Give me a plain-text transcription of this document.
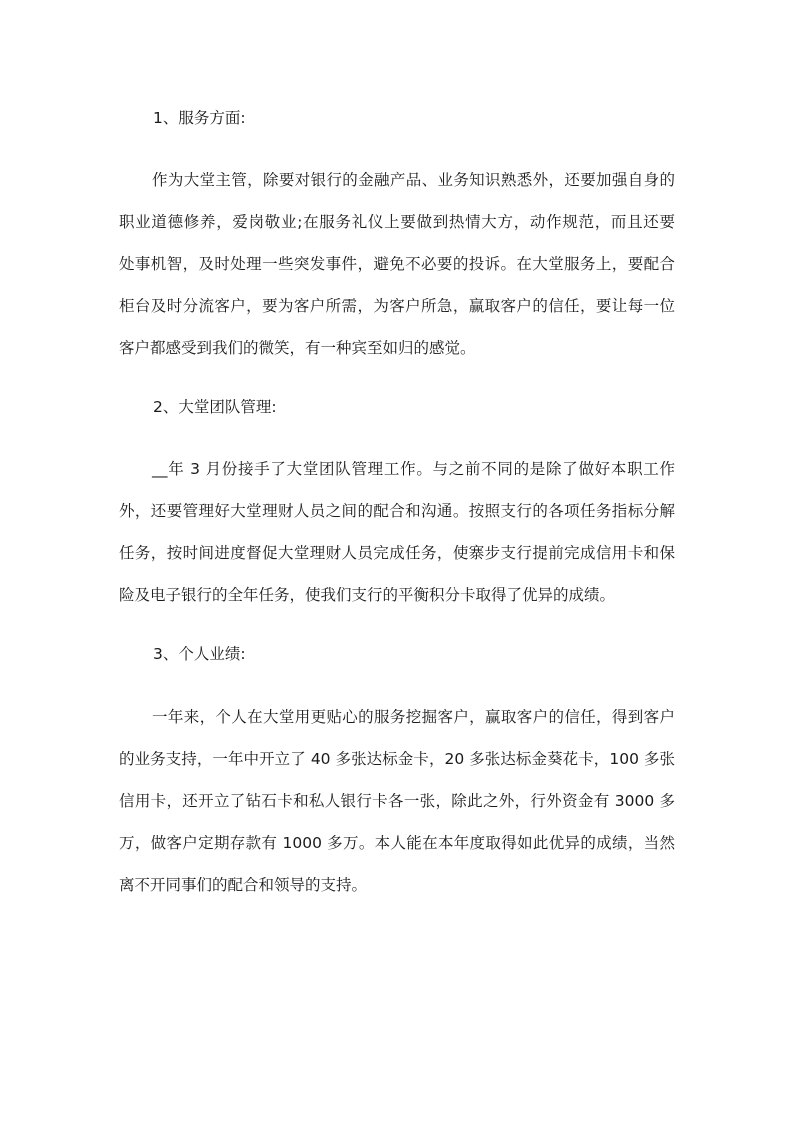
1、服务方面:
作为大堂主管，除要对银行的金融产品、业务知识熟悉外，还要加强自身的
职业道德修养，爱岗敬业;在服务礼仪上要做到热情大方，动作规范，而且还要
处事机智，及时处理一些突发事件，避免不必要的投诉。在大堂服务上，要配合
柜台及时分流客户，要为客户所需，为客户所急，赢取客户的信任，要让每一位
客户都感受到我们的微笑，有一种宾至如归的感觉。
2、大堂团队管理:
__年 3 月份接手了大堂团队管理工作。与之前不同的是除了做好本职工作
外，还要管理好大堂理财人员之间的配合和沟通。按照支行的各项任务指标分解
任务，按时间进度督促大堂理财人员完成任务，使寨步支行提前完成信用卡和保
险及电子银行的全年任务，使我们支行的平衡积分卡取得了优异的成绩。
3、个人业绩:
一年来，个人在大堂用更贴心的服务挖掘客户，赢取客户的信任，得到客户
的业务支持，一年中开立了 40 多张达标金卡，20 多张达标金葵花卡，100 多张
信用卡，还开立了钻石卡和私人银行卡各一张，除此之外，行外资金有 3000 多
万，做客户定期存款有 1000 多万。本人能在本年度取得如此优异的成绩，当然
离不开同事们的配合和领导的支持。
